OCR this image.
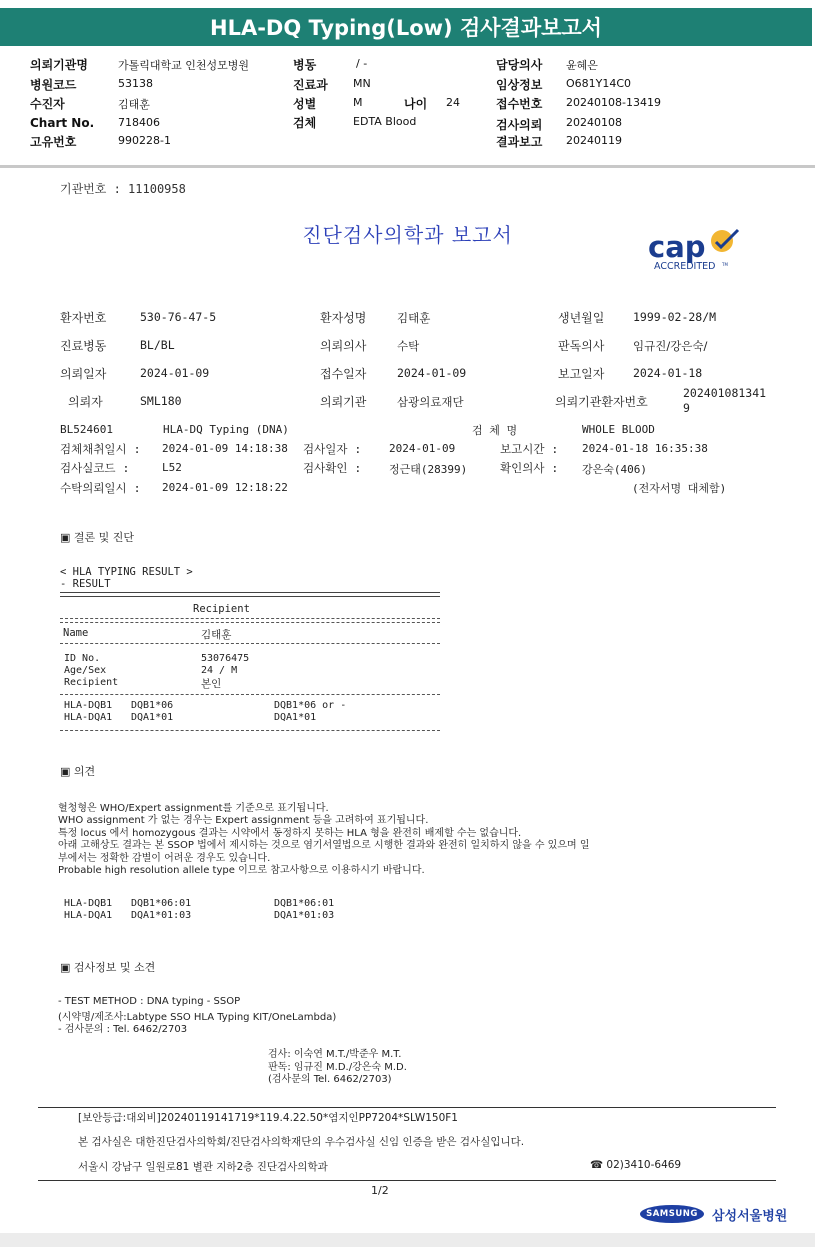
HLA-DQ Typing(Low) 검사결과보고서
의뢰기관명	가톨릭대학교 인천성모병원	병동	/ -	담당의사 윤혜은
병원코드	53138	진료과 MN	임상정보 O681Y14C0
수진자	김태훈	성별	M	나이 24	접수번호 20240108-13419
Chart No. 718406	검체	EDTA Blood	검사의뢰 20240108
고유번호	990228-1	결과보고 20240119
기관번호 : 11100958
진단검사의학과 보고서	cap
ACCREDITED TM
환자번호	530-76-47-5	환자성명	김태훈	생년월일 1999-02-28/M
진료병동	BL/BL	의뢰의사	수탁	판독의사 임규진/강은숙/
의뢰일자	2024-01-09	접수일자	2024-01-09	보고일자 2024-01-18
의뢰자	SML180	의뢰기관	삼광의료재단	의뢰기관환자번호
202401081341
9
BL524601	HLA-DQ Typing (DNA)	검 체 명	WHOLE BLOOD
검체채취일시 : 2024-01-09 14:18:38 검사일자 :	2024-01-09	보고시간 : 2024-01-18 16:35:38
검사실코드 :	L52	검사확인 :	정근태(28399)	확인의사 : 강은숙(406)
수탁의뢰일시 : 2024-01-09 12:18:22	(전자서명 대체함)
▣ 결론 및 진단
< HLA TYPING RESULT >
- RESULT
Recipient
Name	김태훈
ID No.	53076475
Age/Sex	24 / M
Recipient	본인
HLA-DQB1 DQB1*06	DQB1*06 or -
HLA-DQA1 DQA1*01	DQA1*01
▣ 의견
혈청형은 WHO/Expert assignment를 기준으로 표기됩니다.
WHO assignment 가 없는 경우는 Expert assignment 등을 고려하여 표기됩니다.
특정 locus 에서 homozygous 결과는 시약에서 동정하지 못하는 HLA 형을 완전히 배제할 수는 없습니다.
아래 고해상도 결과는 본 SSOP 법에서 제시하는 것으로 염기서열법으로 시행한 결과와 완전히 일치하지 않을 수 있으며 일
부에서는 정확한 감별이 어려운 경우도 있습니다.
Probable high resolution allele type 이므로 참고사항으로 이용하시기 바랍니다.
HLA-DQB1 DQB1*06:01	DQB1*06:01
HLA-DQA1 DQA1*01:03	DQA1*01:03
▣ 검사정보 및 소견
- TEST METHOD : DNA typing - SSOP
(시약명/제조사:Labtype SSO HLA Typing KIT/OneLambda)
- 검사문의 : Tel. 6462/2703
검사: 이숙연 M.T./박준우 M.T.
판독: 임규진 M.D./강은숙 M.D.
(검사문의 Tel. 6462/2703)
[보안등급:대외비]20240119141719*119.4.22.50*염지인PP7204*SLW150F1
본 검사실은 대한진단검사의학회/진단검사의학재단의 우수검사실 신임 인증을 받은 검사실입니다.
서울시 강남구 일원로81 별관 지하2층 진단검사의학과	☎ 02)3410-6469
1/2
SAMSUNG	삼성서울병원
